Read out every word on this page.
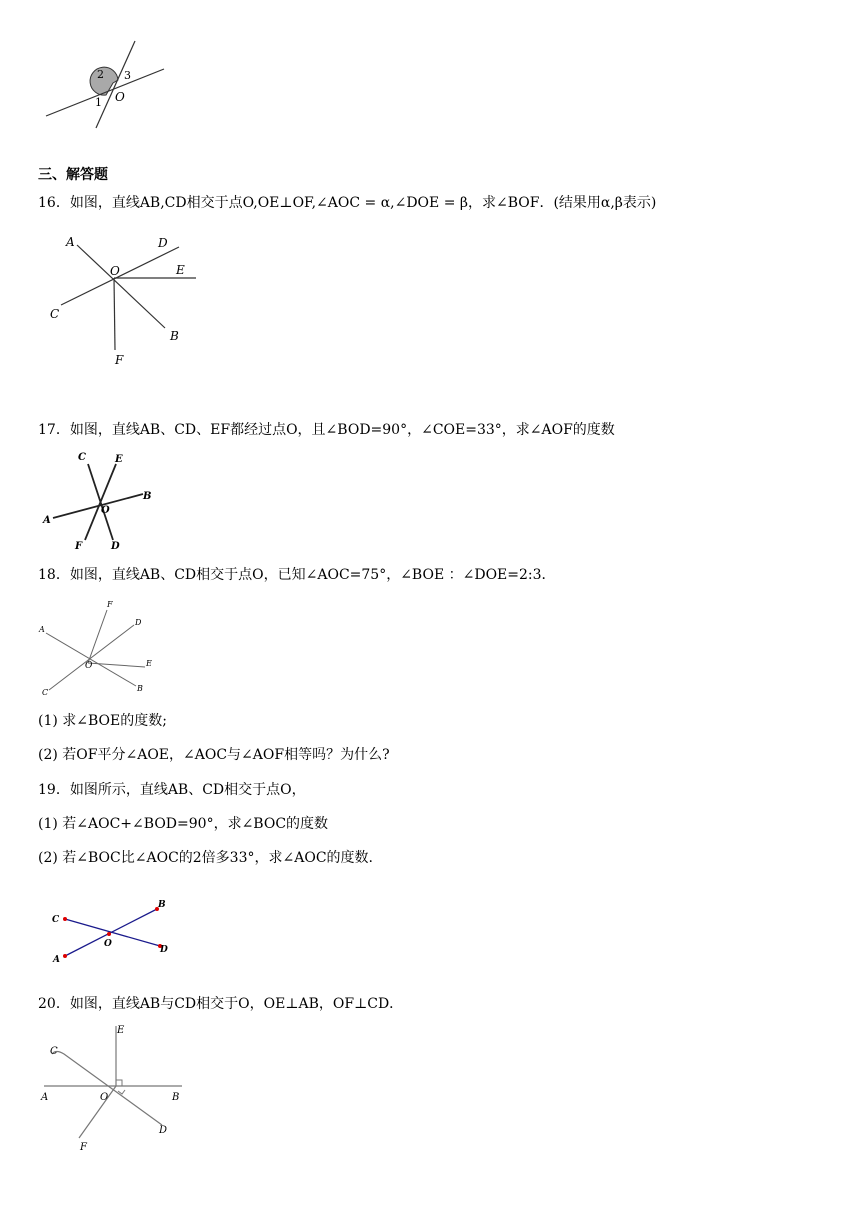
2 3
1 O
三、解答题
16．如图，直线AB,CD相交于点O,OE⊥OF,∠AOC = α,∠DOE = β，求∠BOF．(结果用α,β表示)
A	D
O	E
C
B
F
17．如图，直线AB、CD、EF都经过点O，且∠BOD=90°，∠COE=33°，求∠AOF的度数
C	E
B
A
O
F	D
18．如图，直线AB、CD相交于点O，已知∠AOC=75°，∠BOE ：∠DOE=2:3．
F
D
A
O	E
C	B
(1) 求∠BOE的度数;
(2) 若OF平分∠AOE，∠AOC与∠AOF相等吗？为什么?
19．如图所示，直线AB、CD相交于点O，
(1) 若∠AOC+∠BOD=90°，求∠BOC的度数
(2) 若∠BOC比∠AOC的2倍多33°，求∠AOC的度数.
C
B
O
D
A
20．如图，直线AB与CD相交于O，OE⊥AB，OF⊥CD．
E
C
A	O	B
D
F
